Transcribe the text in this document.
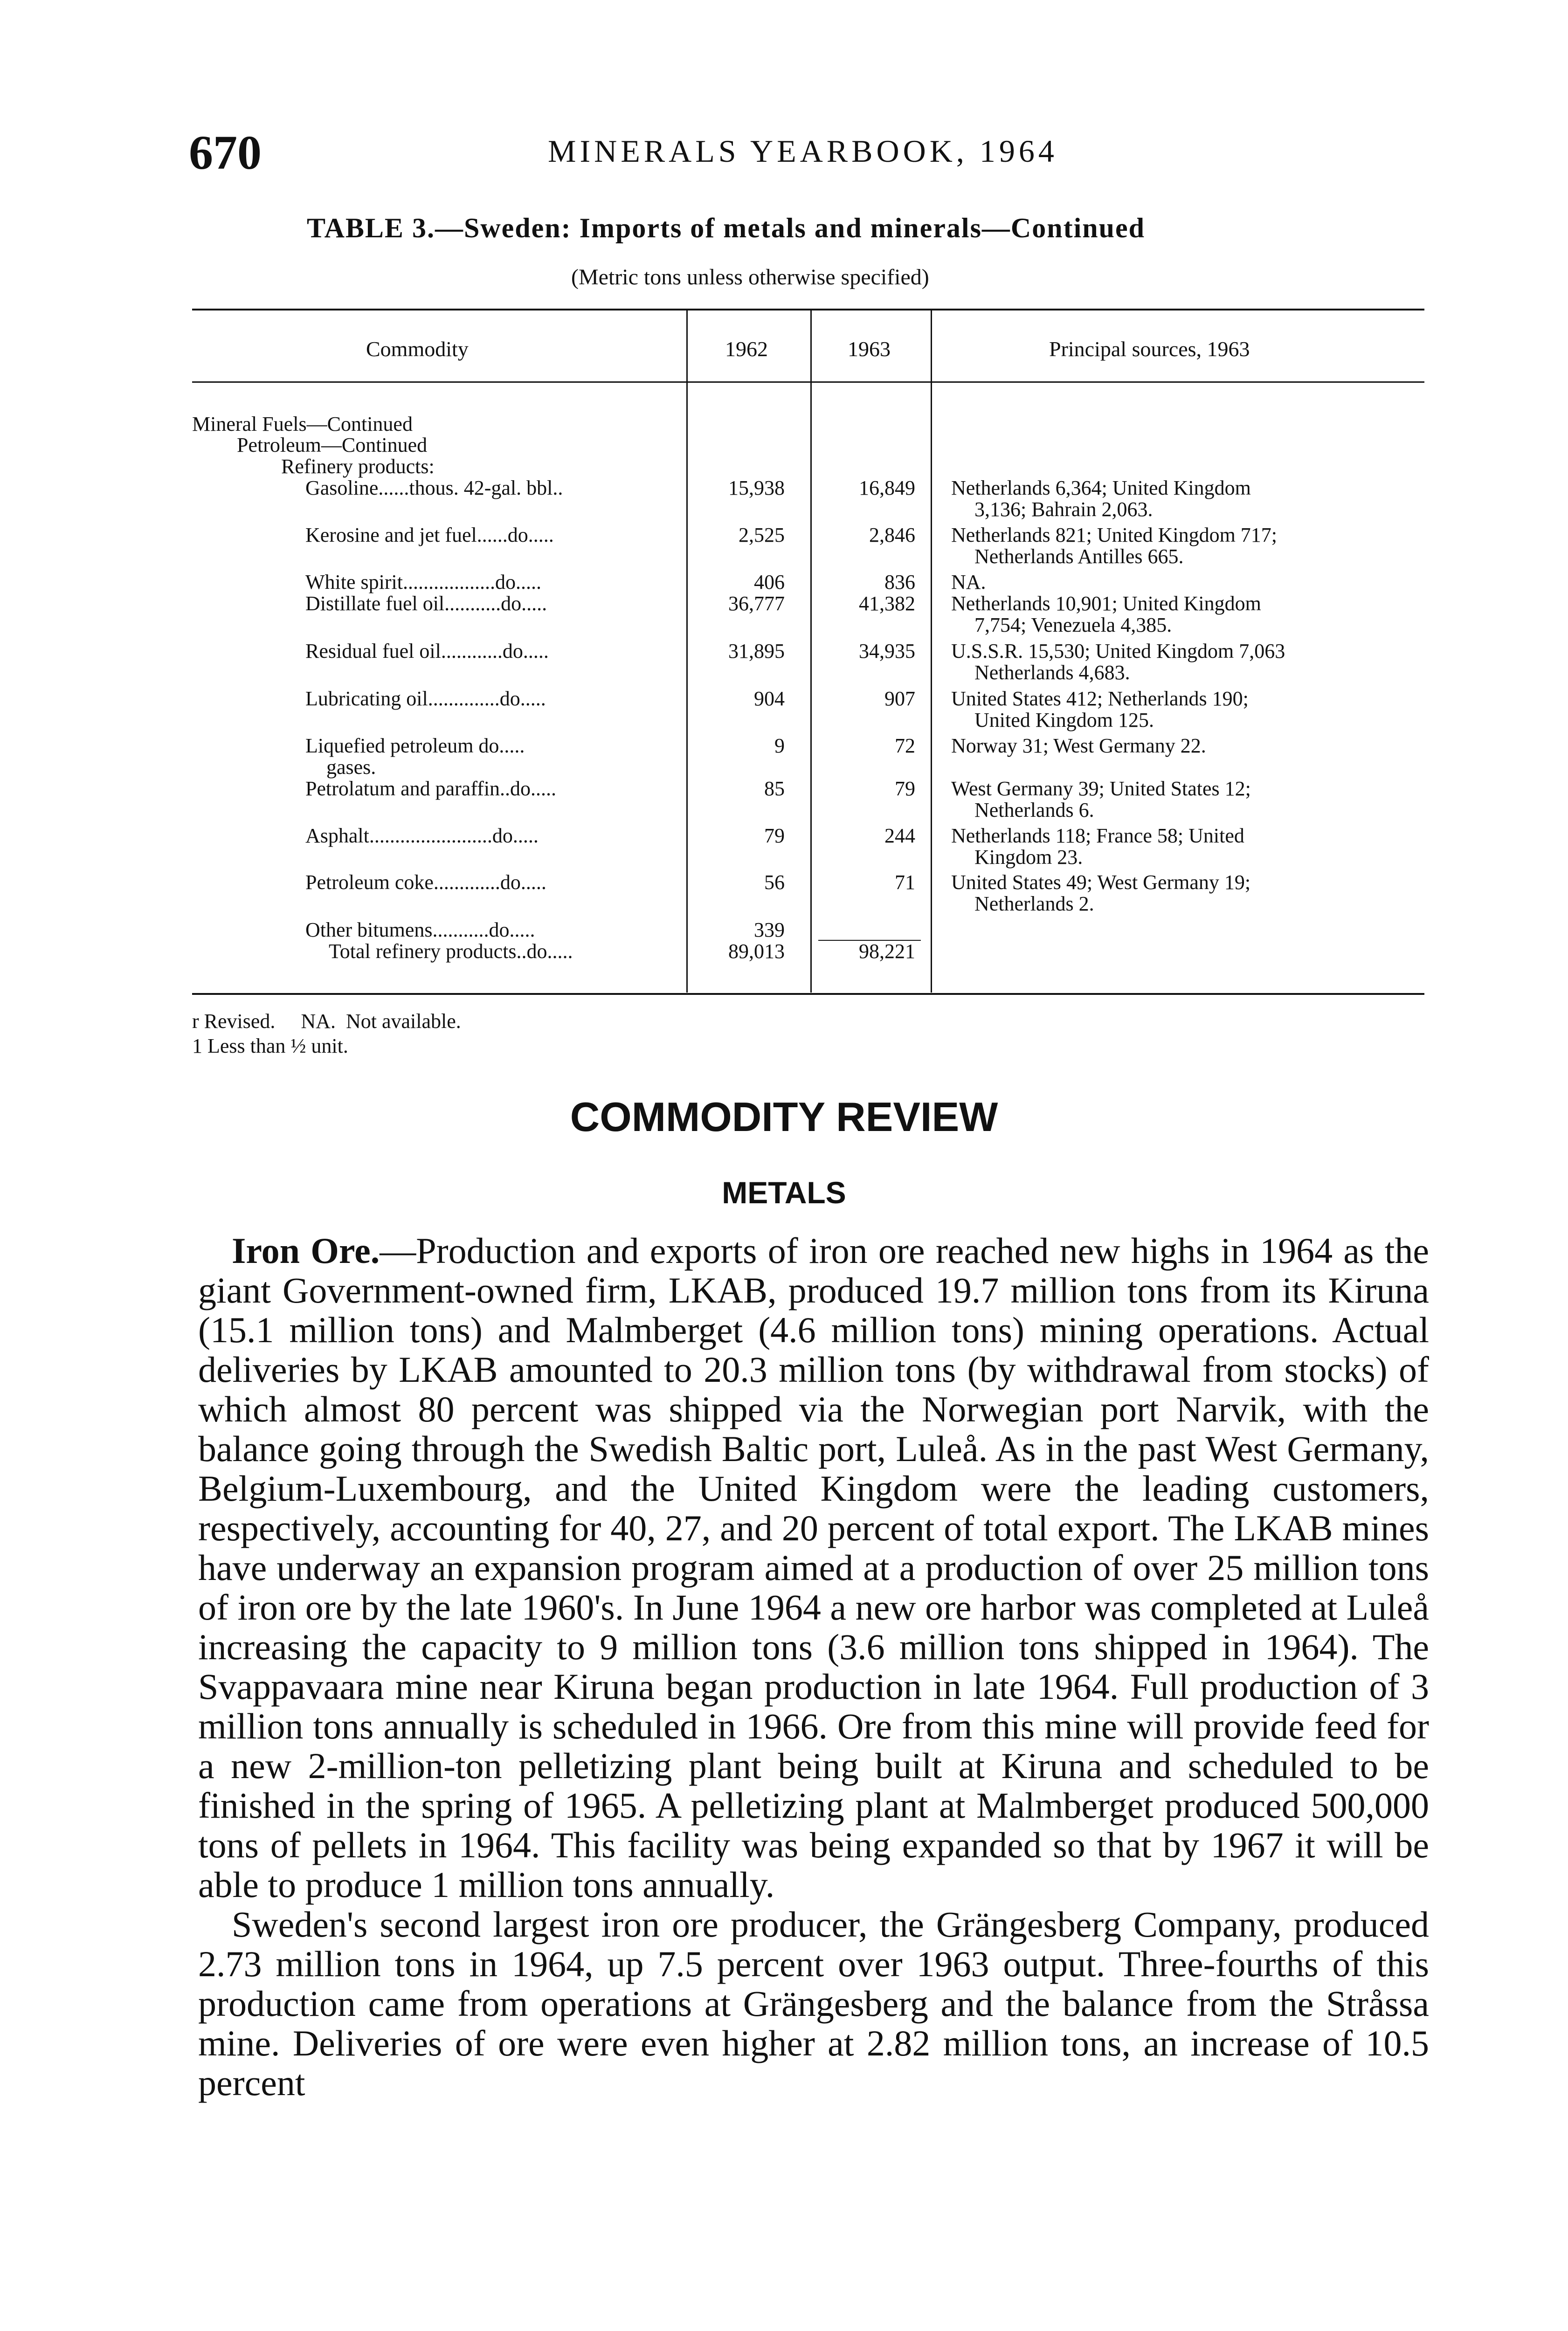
670	MINERALS YEARBOOK, 1964
TABLE 3.—Sweden: Imports of metals and minerals—Continued
(Metric tons unless otherwise specified)
Commodity	1962	1963	Principal sources, 1963
Mineral Fuels—Continued
Petroleum—Continued
Refinery products:
Gasoline......thous. 42-gal. bbl..	15,938	16,849 Netherlands 6,364; United Kingdom
3,136; Bahrain 2,063.
Kerosine and jet fuel......do.....	2,525	2,846 Netherlands 821; United Kingdom 717;
Netherlands Antilles 665.
White spirit..................do.....	406	836 NA.
Distillate fuel oil...........do.....	36,777	41,382 Netherlands 10,901; United Kingdom
7,754; Venezuela 4,385.
Residual fuel oil............do.....	31,895	34,935 U.S.S.R. 15,530; United Kingdom 7,063
Netherlands 4,683.
Lubricating oil..............do.....	904	907 United States 412; Netherlands 190;
United Kingdom 125.
Liquefied petroleum do.....
gases.
9	72 Norway 31; West Germany 22.
Petrolatum and paraffin..do.....	85	79 West Germany 39; United States 12;
Netherlands 6.
Asphalt........................do.....	79	244 Netherlands 118; France 58; United
Kingdom 23.
Petroleum coke.............do.....	56	71 United States 49; West Germany 19;
Netherlands 2.
Other bitumens...........do.....	339
Total refinery products..do.....	89,013	98,221
r Revised.     NA.  Not available.
1 Less than ½ unit.
COMMODITY REVIEW
METALS

Iron Ore.—Production and exports of iron ore reached new highs in 1964 as the giant Government-owned firm, LKAB, produced 19.7 million tons from its Kiruna (15.1 million tons) and Malmberget (4.6 million tons) mining operations. Actual deliveries by LKAB amounted to 20.3 million tons (by withdrawal from stocks) of which almost 80 percent was shipped via the Norwegian port Narvik, with the balance going through the Swedish Baltic port, Luleå. As in the past West Germany, Belgium-Luxembourg, and the United Kingdom were the leading customers, respectively, accounting for 40, 27, and 20 percent of total export. The LKAB mines have underway an expansion program aimed at a production of over 25 million tons of iron ore by the late 1960's. In June 1964 a new ore harbor was completed at Luleå increasing the capacity to 9 million tons (3.6 million tons shipped in 1964). The Svappavaara mine near Kiruna began production in late 1964. Full production of 3 million tons annually is scheduled in 1966. Ore from this mine will provide feed for a new 2-million-ton pelletizing plant being built at Kiruna and scheduled to be finished in the spring of 1965. A pelletizing plant at Malmberget produced 500,000 tons of pellets in 1964. This facility was being expanded so that by 1967 it will be able to produce 1 million tons annually.

Sweden's second largest iron ore producer, the Grängesberg Company, produced 2.73 million tons in 1964, up 7.5 percent over 1963 output. Three-fourths of this production came from operations at Grängesberg and the balance from the Stråssa mine. Deliveries of ore were even higher at 2.82 million tons, an increase of 10.5 percent
